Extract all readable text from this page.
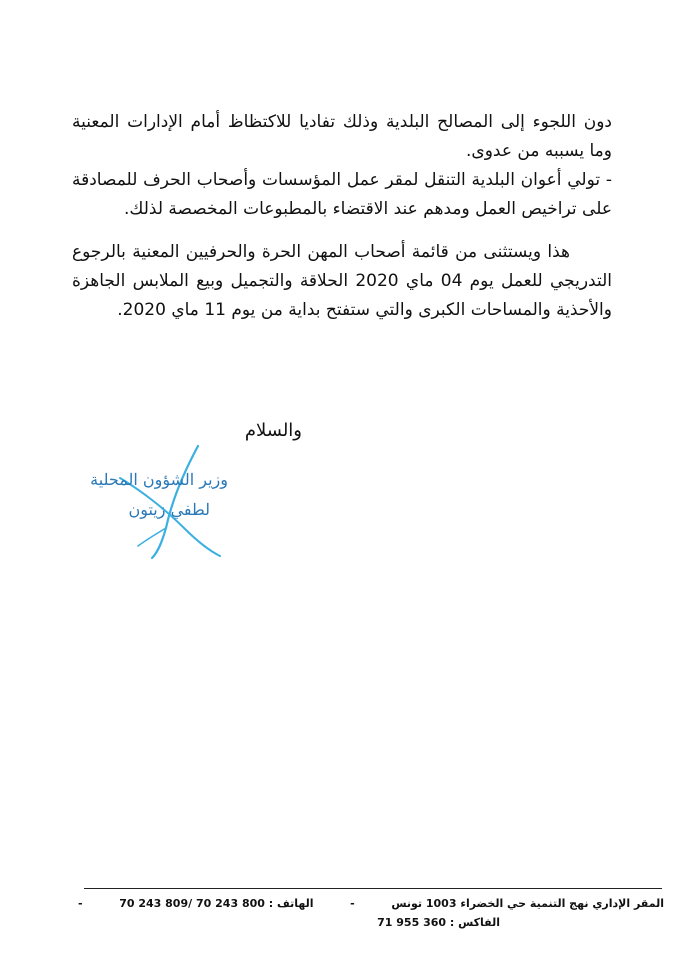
دون اللجوء إلى المصالح البلدية وذلك تفاديا للاكتظاظ أمام الإدارات المعنية وما يسببه من عدوى.

- تولي أعوان البلدية التنقل لمقر عمل المؤسسات وأصحاب الحرف للمصادقة على تراخيص العمل ومدهم عند الاقتضاء بالمطبوعات المخصصة لذلك.

هذا ويستثنى من قائمة أصحاب المهن الحرة والحرفيين المعنية بالرجوع التدريجي للعمل يوم 04 ماي 2020 الحلاقة والتجميل وبيع الملابس الجاهزة والأحذية والمساحات الكبرى والتي ستفتح بداية من يوم 11 ماي 2020.

والسلام
وزير الشؤون المحلية
لطفي زيتون
المقر الإداري نهج التنمية حي الخضراء 1003 تونس
-
الهاتف : 800 243 70 /809 243 70
-
الفاكس : 360 955 71
